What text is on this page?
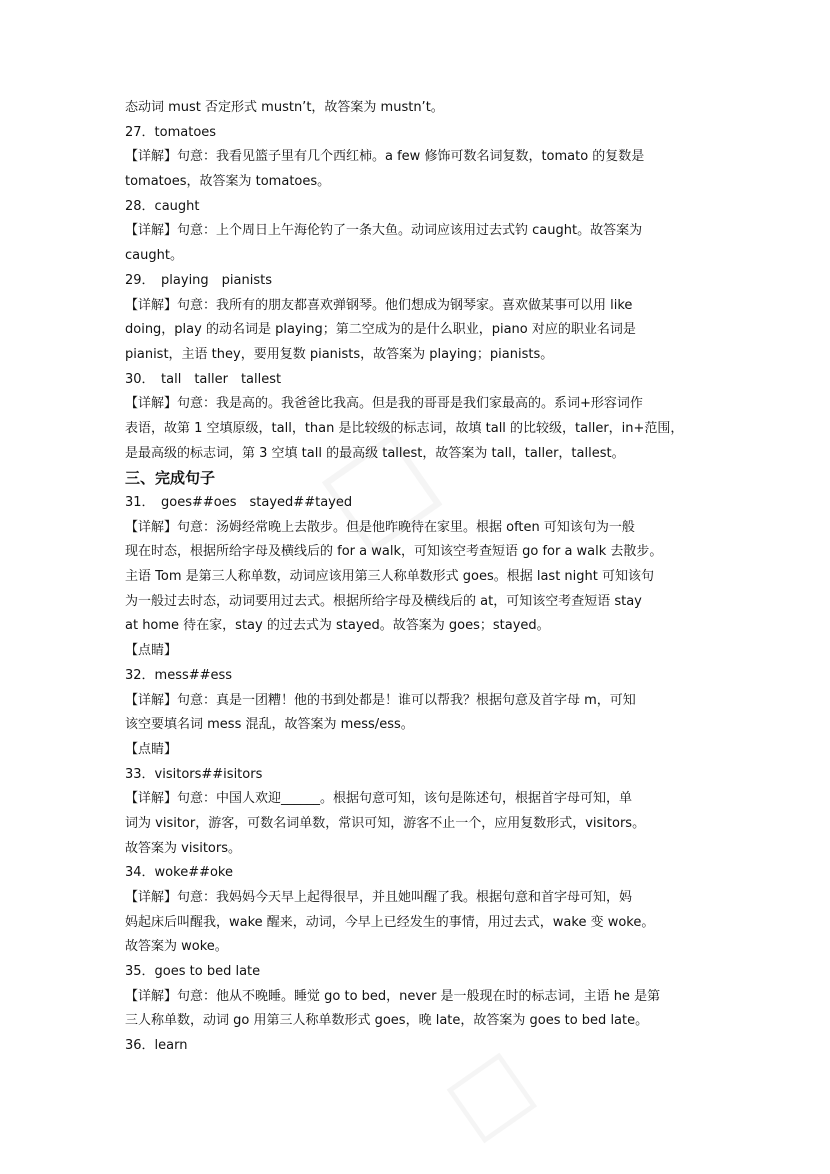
态动词 must 否定形式 mustn’t，故答案为 mustn’t。
27．tomatoes
【详解】句意：我看见篮子里有几个西红柿。a few 修饰可数名词复数，tomato 的复数是
tomatoes，故答案为 tomatoes。
28．caught
【详解】句意：上个周日上午海伦钓了一条大鱼。动词应该用过去式钓 caught。故答案为
caught。
29．　playing　pianists
【详解】句意：我所有的朋友都喜欢弹钢琴。他们想成为钢琴家。喜欢做某事可以用 like
doing，play 的动名词是 playing；第二空成为的是什么职业，piano 对应的职业名词是
pianist，主语 they，要用复数 pianists，故答案为 playing；pianists。
30．　tall　taller　tallest
【详解】句意：我是高的。我爸爸比我高。但是我的哥哥是我们家最高的。系词+形容词作
表语，故第 1 空填原级，tall，than 是比较级的标志词，故填 tall 的比较级，taller，in+范围，
是最高级的标志词，第 3 空填 tall 的最高级 tallest，故答案为 tall，taller，tallest。
三、完成句子
31．　goes##oes　stayed##tayed
【详解】句意：汤姆经常晚上去散步。但是他昨晚待在家里。根据 often 可知该句为一般
现在时态，根据所给字母及横线后的 for a walk，可知该空考查短语 go for a walk 去散步。
主语 Tom 是第三人称单数，动词应该用第三人称单数形式 goes。根据 last night 可知该句
为一般过去时态，动词要用过去式。根据所给字母及横线后的 at，可知该空考查短语 stay
at home 待在家，stay 的过去式为 stayed。故答案为 goes；stayed。
【点睛】
32．mess##ess
【详解】句意：真是一团糟！他的书到处都是！谁可以帮我？根据句意及首字母 m，可知
该空要填名词 mess 混乱，故答案为 mess/ess。
【点睛】
33．visitors##isitors
【详解】句意：中国人欢迎______。根据句意可知，该句是陈述句，根据首字母可知，单
词为 visitor，游客，可数名词单数，常识可知，游客不止一个，应用复数形式，visitors。
故答案为 visitors。
34．woke##oke
【详解】句意：我妈妈今天早上起得很早，并且她叫醒了我。根据句意和首字母可知，妈
妈起床后叫醒我，wake 醒来，动词，今早上已经发生的事情，用过去式，wake 变 woke。
故答案为 woke。
35．goes to bed late
【详解】句意：他从不晚睡。睡觉 go to bed，never 是一般现在时的标志词，主语 he 是第
三人称单数，动词 go 用第三人称单数形式 goes，晚 late，故答案为 goes to bed late。
36．learn
